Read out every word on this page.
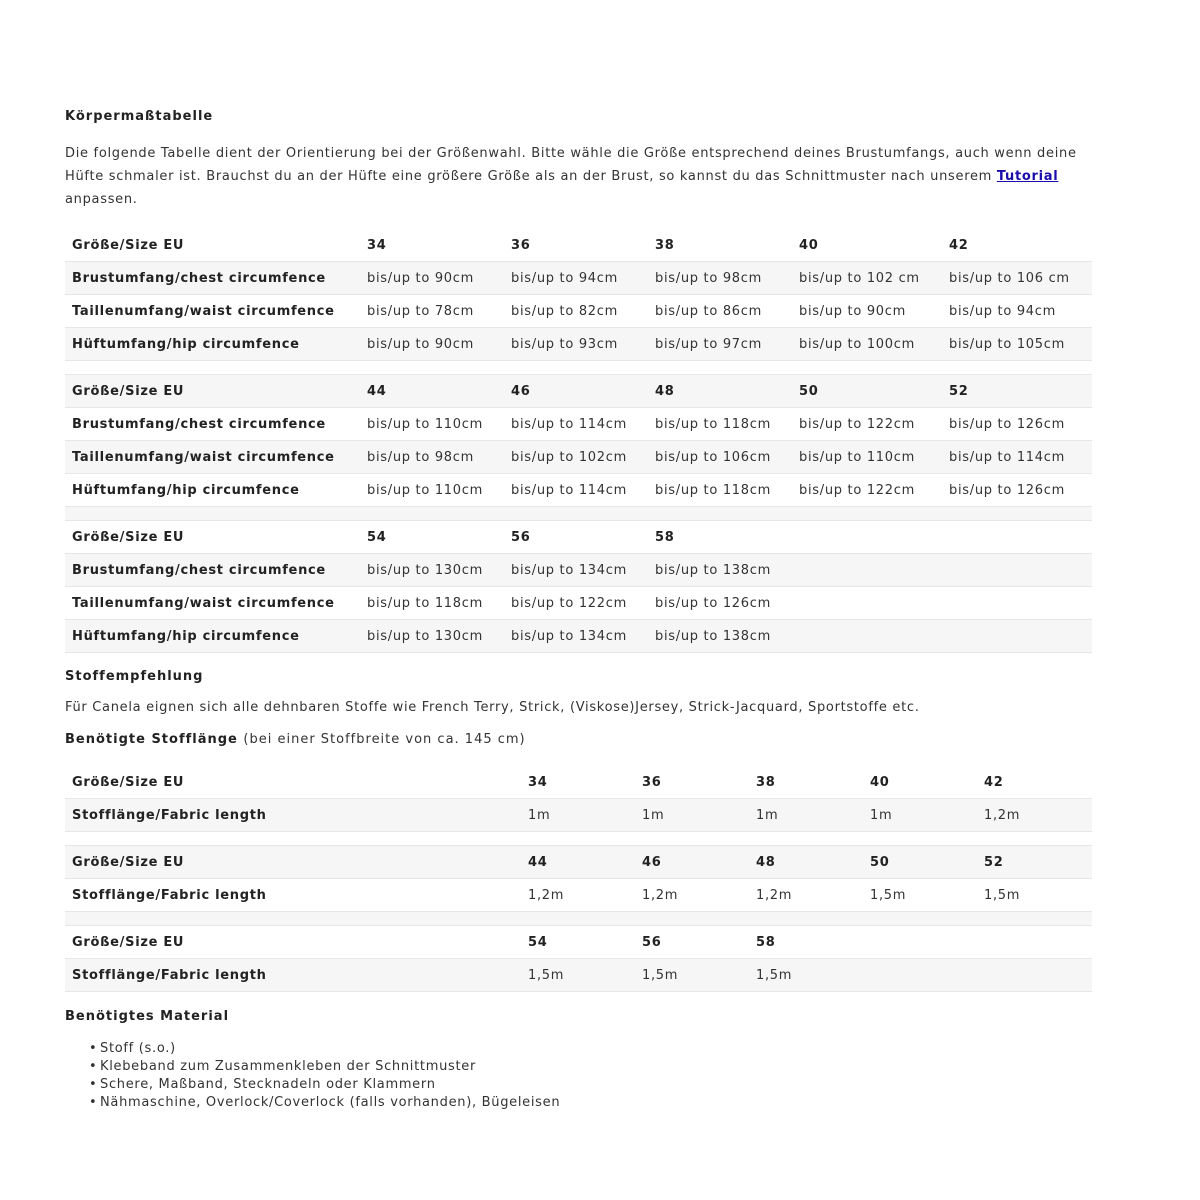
Körpermaßtabelle

Die folgende Tabelle dient der Orientierung bei der Größenwahl. Bitte wähle die Größe entsprechend deines Brustumfangs, auch wenn deine Hüfte schmaler ist. Brauchst du an der Hüfte eine größere Größe als an der Brust, so kannst du das Schnittmuster nach unserem Tutorial anpassen.

Größe/Size EU	34	36	38	40	42
Brustumfang/chest circumfence	bis/up to 90cm	bis/up to 94cm	bis/up to 98cm	bis/up to 102 cm	bis/up to 106 cm
Taillenumfang/waist circumfence	bis/up to 78cm	bis/up to 82cm	bis/up to 86cm	bis/up to 90cm	bis/up to 94cm
Hüftumfang/hip circumfence	bis/up to 90cm	bis/up to 93cm	bis/up to 97cm	bis/up to 100cm	bis/up to 105cm

Größe/Size EU	44	46	48	50	52
Brustumfang/chest circumfence	bis/up to 110cm	bis/up to 114cm	bis/up to 118cm	bis/up to 122cm	bis/up to 126cm
Taillenumfang/waist circumfence	bis/up to 98cm	bis/up to 102cm	bis/up to 106cm	bis/up to 110cm	bis/up to 114cm
Hüftumfang/hip circumfence	bis/up to 110cm	bis/up to 114cm	bis/up to 118cm	bis/up to 122cm	bis/up to 126cm

Größe/Size EU	54	56	58		
Brustumfang/chest circumfence	bis/up to 130cm	bis/up to 134cm	bis/up to 138cm		
Taillenumfang/waist circumfence	bis/up to 118cm	bis/up to 122cm	bis/up to 126cm		
Hüftumfang/hip circumfence	bis/up to 130cm	bis/up to 134cm	bis/up to 138cm		
Stoffempfehlung

Für Canela eignen sich alle dehnbaren Stoffe wie French Terry, Strick, (Viskose)Jersey, Strick-Jacquard, Sportstoffe etc.

Benötigte Stofflänge (bei einer Stoffbreite von ca. 145 cm)
Größe/Size EU	34	36	38	40	42
Stofflänge/Fabric length	1m	1m	1m	1m	1,2m

Größe/Size EU	44	46	48	50	52
Stofflänge/Fabric length	1,2m	1,2m	1,2m	1,5m	1,5m

Größe/Size EU	54	56	58		
Stofflänge/Fabric length	1,5m	1,5m	1,5m		
Benötigtes Material
• Stoff (s.o.)
• Klebeband zum Zusammenkleben der Schnittmuster
• Schere, Maßband, Stecknadeln oder Klammern
• Nähmaschine, Overlock/Coverlock (falls vorhanden), Bügeleisen
